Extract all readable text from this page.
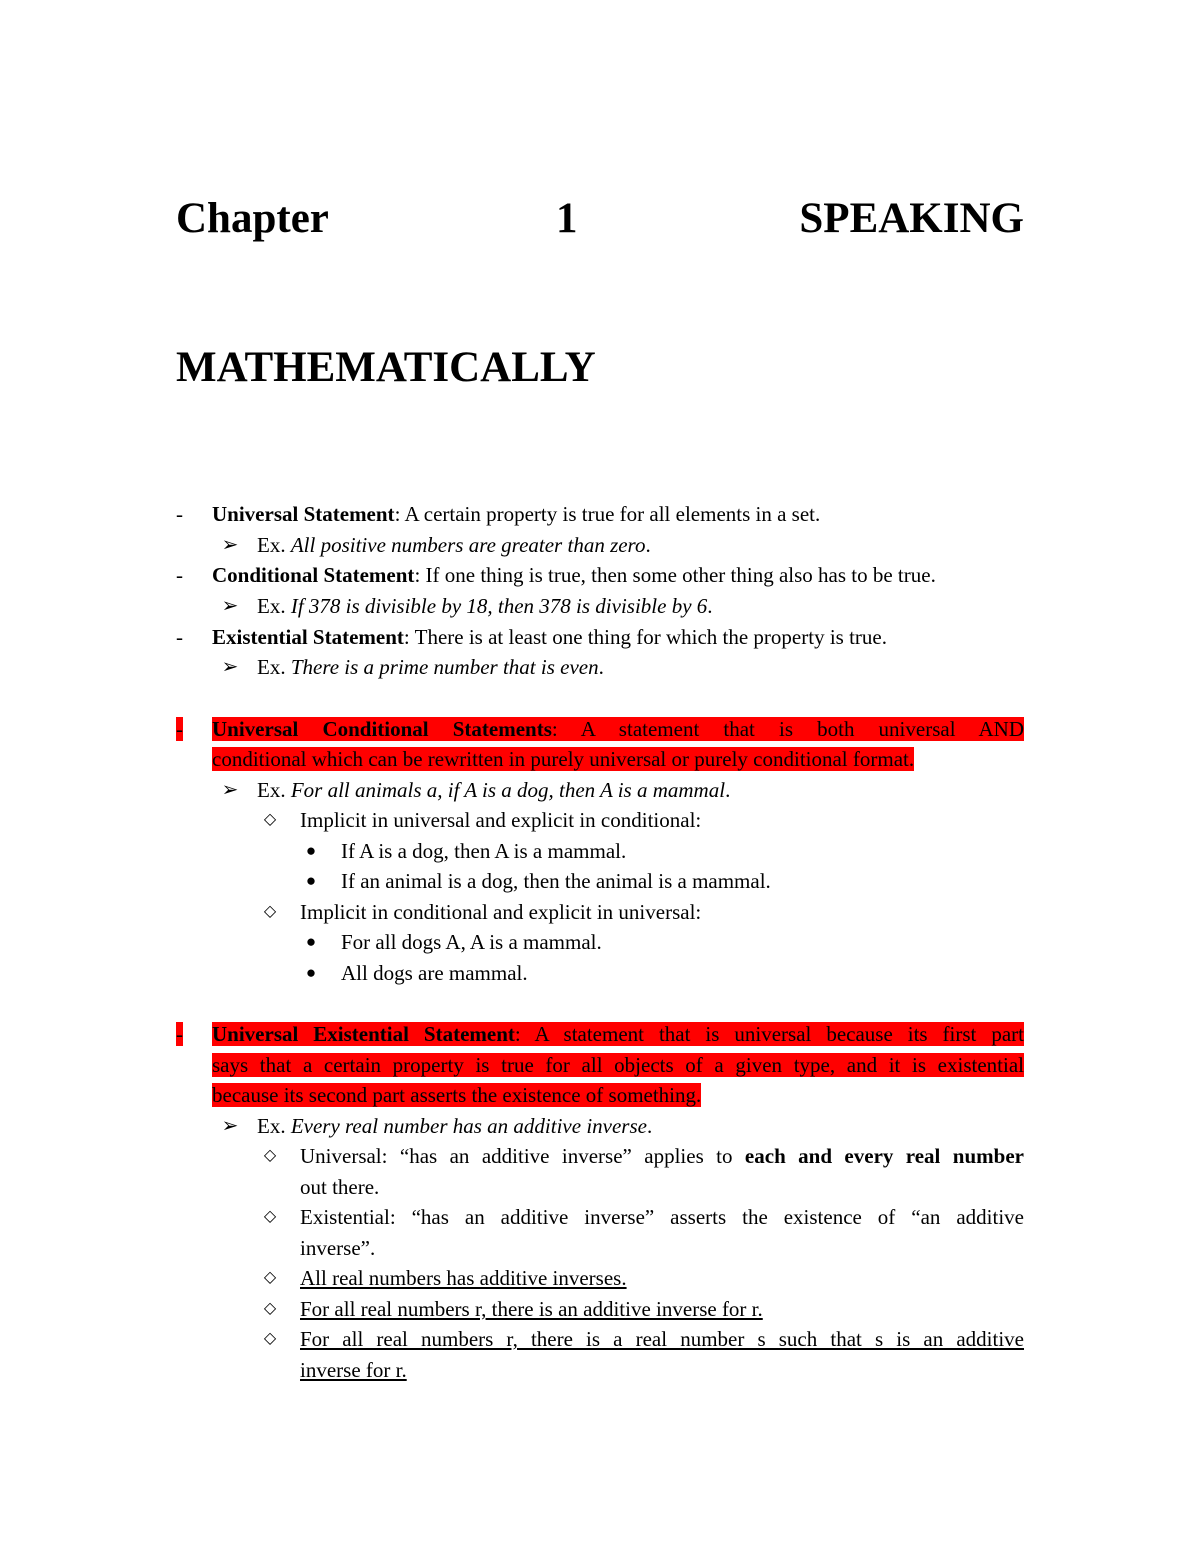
Chapter	1	SPEAKING
MATHEMATICALLY
-	Universal Statement: A certain property is true for all elements in a set.
➢ Ex. All positive numbers are greater than zero.
-	Conditional Statement: If one thing is true, then some other thing also has to be true.
➢ Ex. If 378 is divisible by 18, then 378 is divisible by 6.
-	Existential Statement: There is at least one thing for which the property is true.
➢ Ex. There is a prime number that is even.
-	Universal Conditional Statements: A statement that is both universal AND
conditional which can be rewritten in purely universal or purely conditional format.
➢ Ex. For all animals a, if A is a dog, then A is a mammal.
◇ Implicit in universal and explicit in conditional:
● If A is a dog, then A is a mammal.
● If an animal is a dog, then the animal is a mammal.
◇ Implicit in conditional and explicit in universal:
● For all dogs A, A is a mammal.
● All dogs are mammal.
-	Universal Existential Statement: A statement that is universal because its first part
says that a certain property is true for all objects of a given type, and it is existential
because its second part asserts the existence of something.
➢ Ex. Every real number has an additive inverse.
◇ Universal: “has an additive inverse” applies to each and every real number
out there.
◇ Existential: “has an additive inverse” asserts the existence of “an additive
inverse”.
◇ All real numbers has additive inverses.
◇ For all real numbers r, there is an additive inverse for r.
◇ For all real numbers r, there is a real number s such that s is an additive
inverse for r.
